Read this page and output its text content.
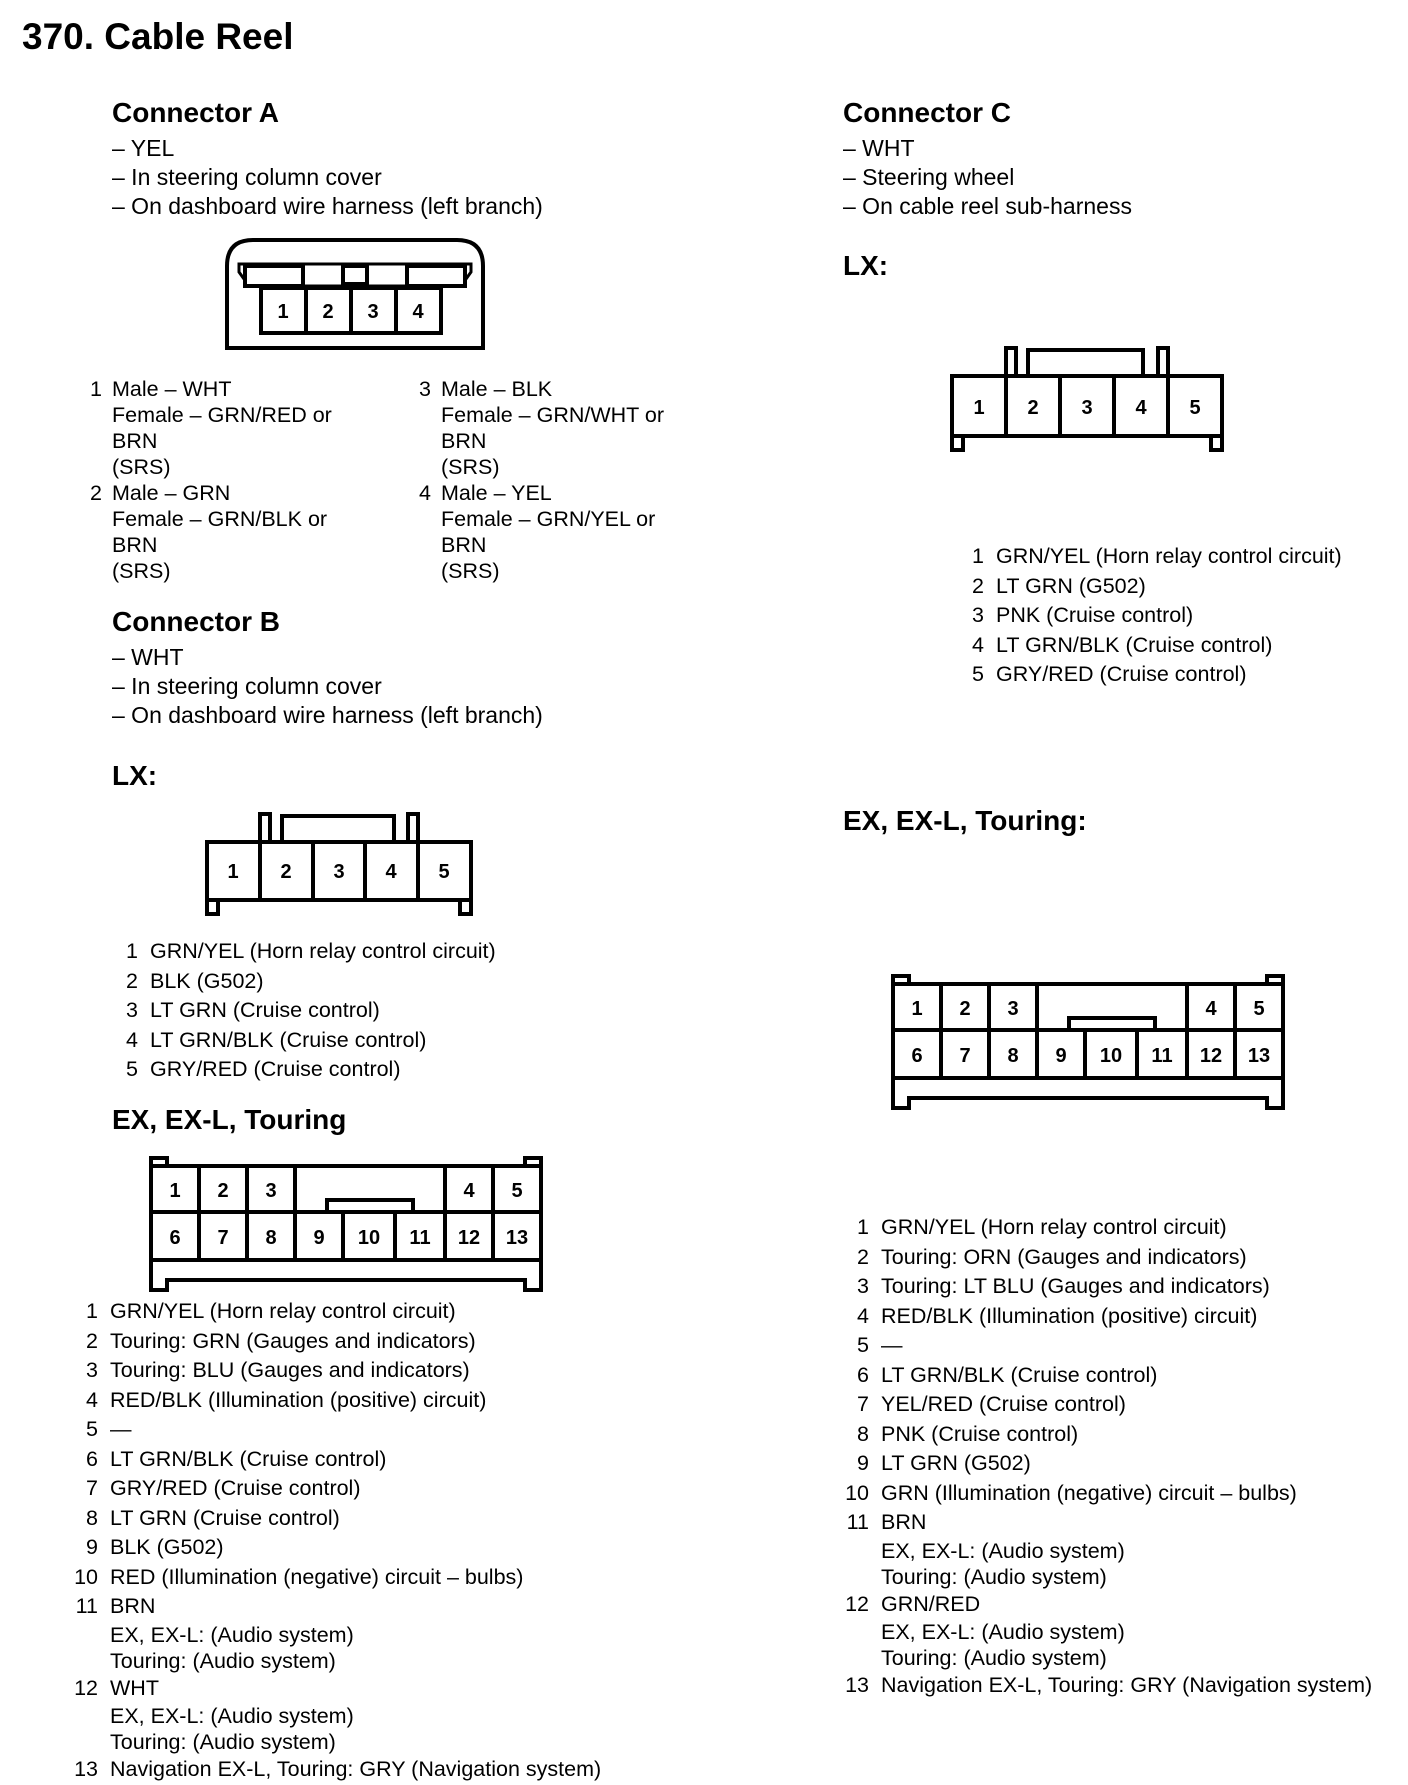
370. Cable Reel
Connector A
– YEL
– In steering column cover
– On dashboard wire harness (left branch)
1 2 3 4
1 Male – WHT
Female – GRN/RED or
BRN
(SRS)
2 Male – GRN
Female – GRN/BLK or
BRN
(SRS)
3 Male – BLK
Female – GRN/WHT or
BRN
(SRS)
4 Male – YEL
Female – GRN/YEL or
BRN
(SRS)
Connector B
– WHT
– In steering column cover
– On dashboard wire harness (left branch)
LX:
1 2 3 4 5
1 GRN/YEL (Horn relay control circuit)
2 BLK (G502)
3 LT GRN (Cruise control)
4 LT GRN/BLK (Cruise control)
5 GRY/RED (Cruise control)
EX, EX-L, Touring
1 2 3	4 5
6 7 8 9 10 11 12 13
1 GRN/YEL (Horn relay control circuit)
2 Touring: GRN (Gauges and indicators)
3 Touring: BLU (Gauges and indicators)
4 RED/BLK (Illumination (positive) circuit)
5 —
6 LT GRN/BLK (Cruise control)
7 GRY/RED (Cruise control)
8 LT GRN (Cruise control)
9 BLK (G502)
10 RED (Illumination (negative) circuit – bulbs)
11 BRN
EX, EX-L: (Audio system)
Touring: (Audio system)
12 WHT
EX, EX-L: (Audio system)
Touring: (Audio system)
13 Navigation EX-L, Touring: GRY (Navigation system)
Connector C
– WHT
– Steering wheel
– On cable reel sub-harness
LX:
1 2 3 4 5
1 GRN/YEL (Horn relay control circuit)
2 LT GRN (G502)
3 PNK (Cruise control)
4 LT GRN/BLK (Cruise control)
5 GRY/RED (Cruise control)
EX, EX-L, Touring:
1 2 3	4 5
6 7 8 9 10 11 12 13
1 GRN/YEL (Horn relay control circuit)
2 Touring: ORN (Gauges and indicators)
3 Touring: LT BLU (Gauges and indicators)
4 RED/BLK (Illumination (positive) circuit)
5 —
6 LT GRN/BLK (Cruise control)
7 YEL/RED (Cruise control)
8 PNK (Cruise control)
9 LT GRN (G502)
10 GRN (Illumination (negative) circuit – bulbs)
11 BRN
EX, EX-L: (Audio system)
Touring: (Audio system)
12 GRN/RED
EX, EX-L: (Audio system)
Touring: (Audio system)
13 Navigation EX-L, Touring: GRY (Navigation system)
